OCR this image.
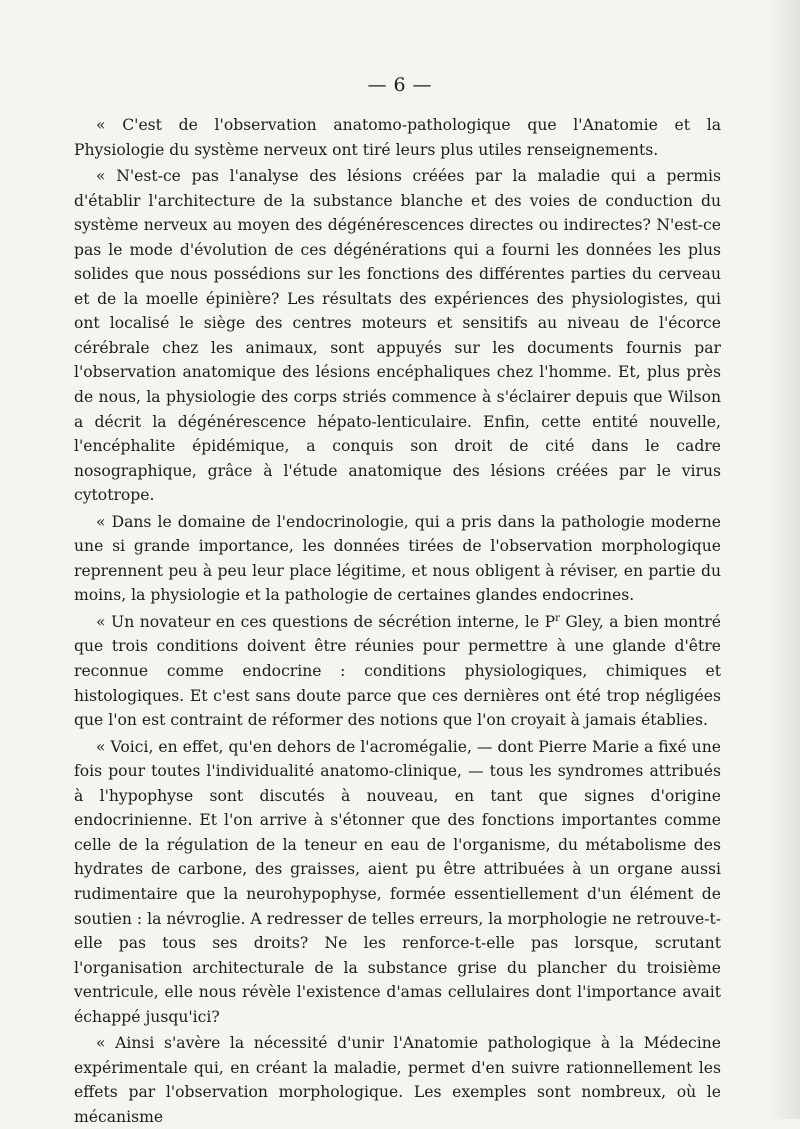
— 6 —

« C'est de l'observation anatomo-pathologique que l'Anatomie et la Physiologie du système nerveux ont tiré leurs plus utiles renseignements.

« N'est-ce pas l'analyse des lésions créées par la maladie qui a permis d'établir l'architecture de la substance blanche et des voies de conduction du système nerveux au moyen des dégénérescences directes ou indirectes? N'est-ce pas le mode d'évolution de ces dégénérations qui a fourni les données les plus solides que nous possédions sur les fonctions des différentes parties du cerveau et de la moelle épinière? Les résultats des expériences des physiologistes, qui ont localisé le siège des centres moteurs et sensitifs au niveau de l'écorce cérébrale chez les animaux, sont appuyés sur les documents fournis par l'observation anatomique des lésions encéphaliques chez l'homme. Et, plus près de nous, la physiologie des corps striés commence à s'éclairer depuis que Wilson a décrit la dégénérescence hépato-lenticulaire. Enfin, cette entité nouvelle, l'encéphalite épidémique, a conquis son droit de cité dans le cadre nosographique, grâce à l'étude anatomique des lésions créées par le virus cytotrope.

« Dans le domaine de l'endocrinologie, qui a pris dans la pathologie moderne une si grande importance, les données tirées de l'observation morphologique reprennent peu à peu leur place légitime, et nous obligent à réviser, en partie du moins, la physiologie et la pathologie de certaines glandes endocrines.

« Un novateur en ces questions de sécrétion interne, le $P^r$ Gley, a bien montré que trois conditions doivent être réunies pour permettre à une glande d'être reconnue comme endocrine : conditions physiologiques, chimiques et histologiques. Et c'est sans doute parce que ces dernières ont été trop négligées que l'on est contraint de réformer des notions que l'on croyait à jamais établies.

« Voici, en effet, qu'en dehors de l'acromégalie, — dont Pierre Marie a fixé une fois pour toutes l'individualité anatomo-clinique, — tous les syndromes attribués à l'hypophyse sont discutés à nouveau, en tant que signes d'origine endocrinienne. Et l'on arrive à s'étonner que des fonctions importantes comme celle de la régulation de la teneur en eau de l'organisme, du métabolisme des hydrates de carbone, des graisses, aient pu être attribuées à un organe aussi rudimentaire que la neurohypophyse, formée essentiellement d'un élément de soutien : la névroglie. A redresser de telles erreurs, la morphologie ne retrouve-t-elle pas tous ses droits? Ne les renforce-t-elle pas lorsque, scrutant l'organisation architecturale de la substance grise du plancher du troisième ventricule, elle nous révèle l'existence d'amas cellulaires dont l'importance avait échappé jusqu'ici?

« Ainsi s'avère la nécessité d'unir l'Anatomie pathologique à la Médecine expérimentale qui, en créant la maladie, permet d'en suivre rationnellement les effets par l'observation morphologique. Les exemples sont nombreux, où le mécanisme
